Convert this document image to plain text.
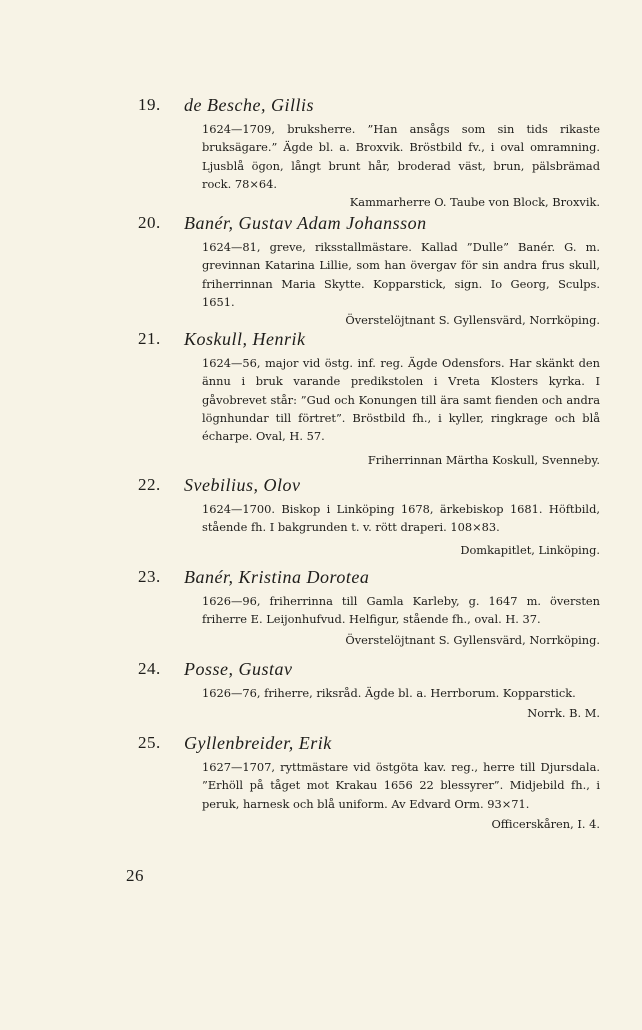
19. de Besche, Gillis
1624—1709, bruksherre. ”Han ansågs som sin tids rikaste bruksägare.” Ägde bl. a. Broxvik. Bröstbild fv., i oval omramning. Ljusblå ögon, långt brunt hår, broderad väst, brun, pälsbrämad rock. 78×64.
Kammarherre O. Taube von Block, Broxvik.
20. Banér, Gustav Adam Johansson
1624—81, greve, riksstallmästare. Kallad ”Dulle” Banér. G. m. grevinnan Katarina Lillie, som han övergav för sin andra frus skull, friherrinnan Maria Skytte. Kopparstick, sign. Io Georg, Sculps. 1651.
Överstelöjtnant S. Gyllensvärd, Norrköping.
21. Koskull, Henrik
1624—56, major vid östg. inf. reg. Ägde Odensfors. Har skänkt den ännu i bruk varande predikstolen i Vreta Klosters kyrka. I gåvobrevet står: ”Gud och Konungen till ära samt fienden och andra lögnhundar till förtret”. Bröstbild fh., i kyller, ringkrage och blå écharpe. Oval, H. 57.
Friherrinnan Märtha Koskull, Svenneby.
22. Svebilius, Olov
1624—1700. Biskop i Linköping 1678, ärkebiskop 1681. Höftbild, stående fh. I bakgrunden t. v. rött draperi. 108×83.
Domkapitlet, Linköping.
23. Banér, Kristina Dorotea
1626—96, friherrinna till Gamla Karleby, g. 1647 m. översten friherre E. Leijonhufvud. Helfigur, stående fh., oval. H. 37.
Överstelöjtnant S. Gyllensvärd, Norrköping.
24. Posse, Gustav
1626—76, friherre, riksråd. Ägde bl. a. Herrborum. Kopparstick.
Norrk. B. M.
25. Gyllenbreider, Erik
1627—1707, ryttmästare vid östgöta kav. reg., herre till Djursdala. ”Erhöll på tåget mot Krakau 1656 22 blessyrer”. Midjebild fh., i peruk, harnesk och blå uniform. Av Edvard Orm. 93×71.
Officerskåren, I. 4.
26
